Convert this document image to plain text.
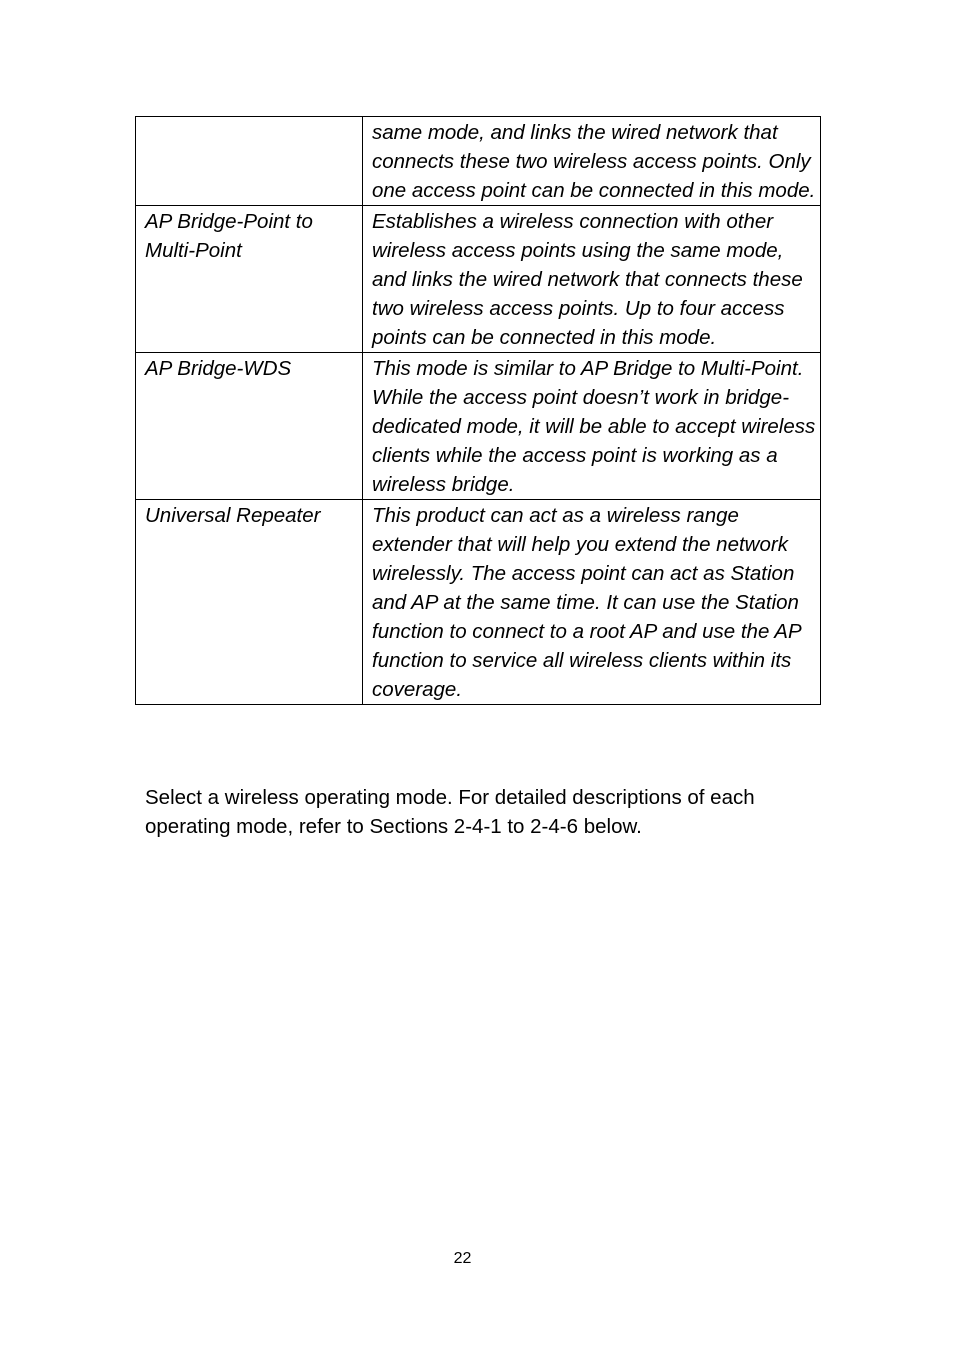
	same mode, and links the wired network that connects these two wireless access points. Only one access point can be connected in this mode.
AP Bridge-Point to Multi-Point	Establishes a wireless connection with other wireless access points using the same mode, and links the wired network that connects these two wireless access points. Up to four access points can be connected in this mode.
AP Bridge-WDS	This mode is similar to AP Bridge to Multi-Point. While the access point doesn’t work in bridge-dedicated mode, it will be able to accept wireless clients while the access point is working as a wireless bridge.
Universal Repeater	This product can act as a wireless range extender that will help you extend the network wirelessly. The access point can act as Station and AP at the same time. It can use the Station function to connect to a root AP and use the AP function to service all wireless clients within its coverage.

Select a wireless operating mode. For detailed descriptions of each operating mode, refer to Sections 2-4-1 to 2-4-6 below.

22
